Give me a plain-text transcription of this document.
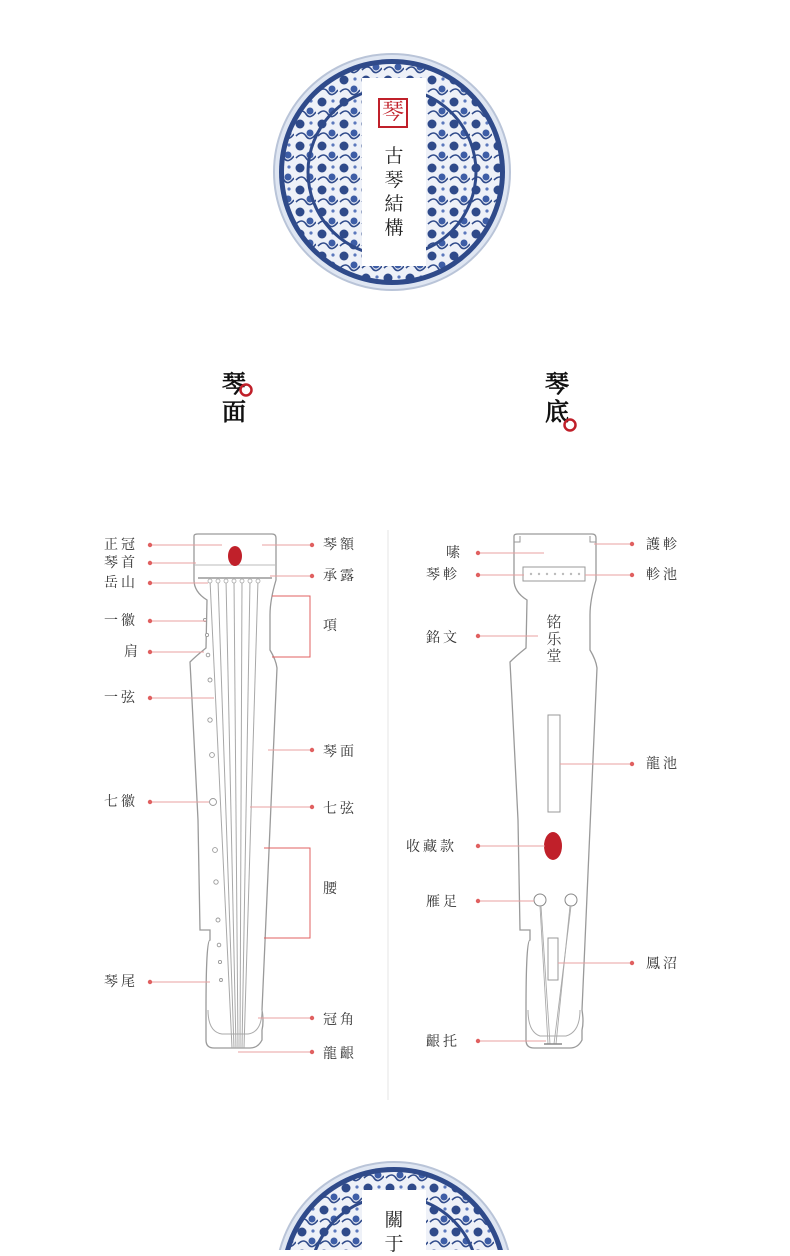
琴
古
琴
結
構
琴
面
琴
底
铭
乐
堂
正冠
琴首
岳山
一徽
肩
一弦
七徽
琴尾
琴額
承露
項
琴面
七弦
腰
冠角
龍齦
嗉
琴軫
銘文
收藏款
雁足
齦托
護軫
軫池
龍池
鳳沼
關
于
